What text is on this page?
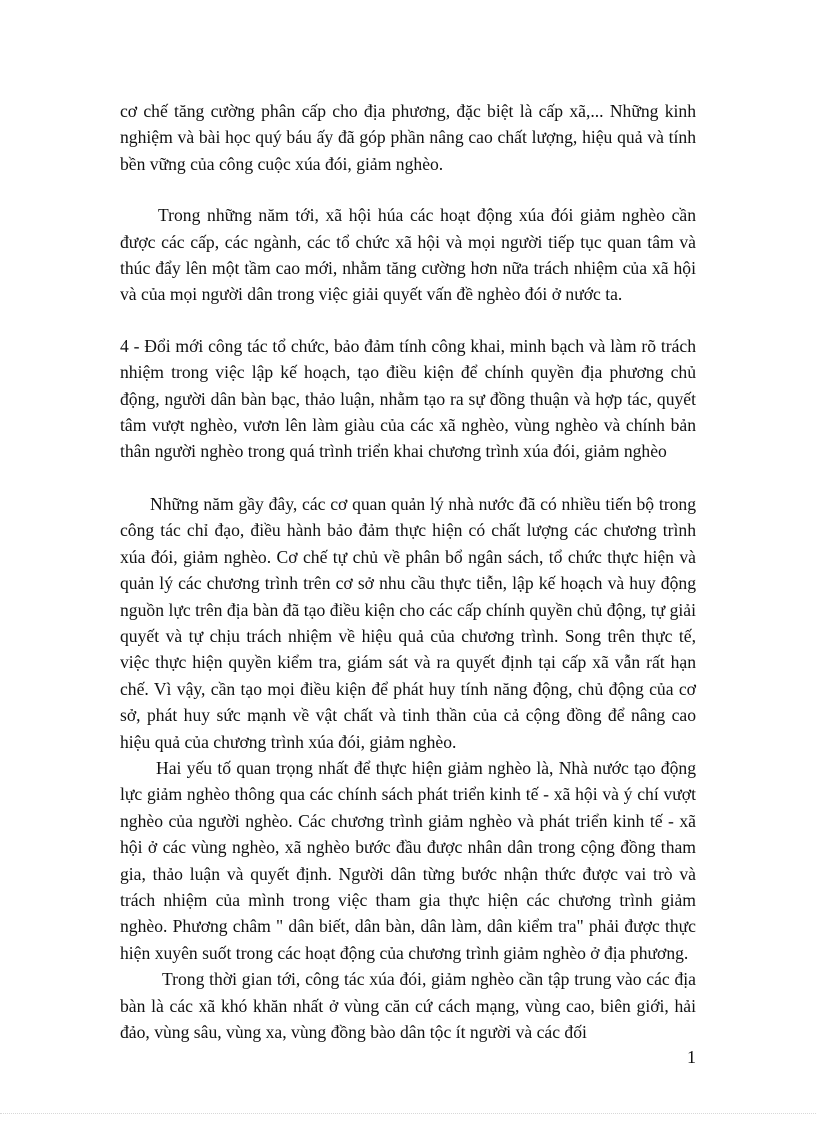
cơ chế tăng cường phân cấp cho địa phương, đặc biệt là cấp xã,... Những kinh nghiệm và bài học quý báu ấy đã góp phần nâng cao chất lượng, hiệu quả và tính bền vững của công cuộc xúa đói, giảm nghèo.

Trong những năm tới, xã hội húa các hoạt động xúa đói giảm nghèo cần được các cấp, các ngành, các tổ chức xã hội và mọi người tiếp tục quan tâm và thúc đẩy lên một tầm cao mới, nhằm tăng cường hơn nữa trách nhiệm của xã hội và của mọi người dân trong việc giải quyết vấn đề nghèo đói ở nước ta.

4 - Đổi mới công tác tổ chức, bảo đảm tính công khai, minh bạch và làm rõ trách nhiệm trong việc lập kế hoạch, tạo điều kiện để chính quyền địa phương chủ động, người dân bàn bạc, thảo luận, nhằm tạo ra sự đồng thuận và hợp tác, quyết tâm vượt nghèo, vươn lên làm giàu của các xã nghèo, vùng nghèo và chính bản thân người nghèo trong quá trình triển khai chương trình xúa đói, giảm nghèo

Những năm gầy đây, các cơ quan quản lý nhà nước đã có nhiều tiến bộ trong công tác chỉ đạo, điều hành bảo đảm thực hiện có chất lượng các chương trình xúa đói, giảm nghèo. Cơ chế tự chủ về phân bổ ngân sách, tổ chức thực hiện và quản lý các chương trình trên cơ sở nhu cầu thực tiễn, lập kế hoạch và huy động nguồn lực trên địa bàn đã tạo điều kiện cho các cấp chính quyền chủ động, tự giải quyết và tự chịu trách nhiệm về hiệu quả của chương trình. Song trên thực tế, việc thực hiện quyền kiểm tra, giám sát và ra quyết định tại cấp xã vẫn rất hạn chế. Vì vậy, cần tạo mọi điều kiện để phát huy tính năng động, chủ động của cơ sở, phát huy sức mạnh về vật chất và tinh thần của cả cộng đồng để nâng cao hiệu quả của chương trình xúa đói, giảm nghèo.

Hai yếu tố quan trọng nhất để thực hiện giảm nghèo là, Nhà nước tạo động lực giảm nghèo thông qua các chính sách phát triển kinh tế - xã hội và ý chí vượt nghèo của người nghèo. Các chương trình giảm nghèo và phát triển kinh tế - xã hội ở các vùng nghèo, xã nghèo bước đầu được nhân dân trong cộng đồng tham gia, thảo luận và quyết định. Người dân từng bước nhận thức được vai trò và trách nhiệm của mình trong việc tham gia thực hiện các chương trình giảm nghèo. Phương châm " dân biết, dân bàn, dân làm, dân kiểm tra" phải được thực hiện xuyên suốt trong các hoạt động của chương trình giảm nghèo ở địa phương.

Trong thời gian tới, công tác xúa đói, giảm nghèo cần tập trung vào các địa bàn là các xã khó khăn nhất ở vùng căn cứ cách mạng, vùng cao, biên giới, hải đảo, vùng sâu, vùng xa, vùng đồng bào dân tộc ít người và các đối

1
